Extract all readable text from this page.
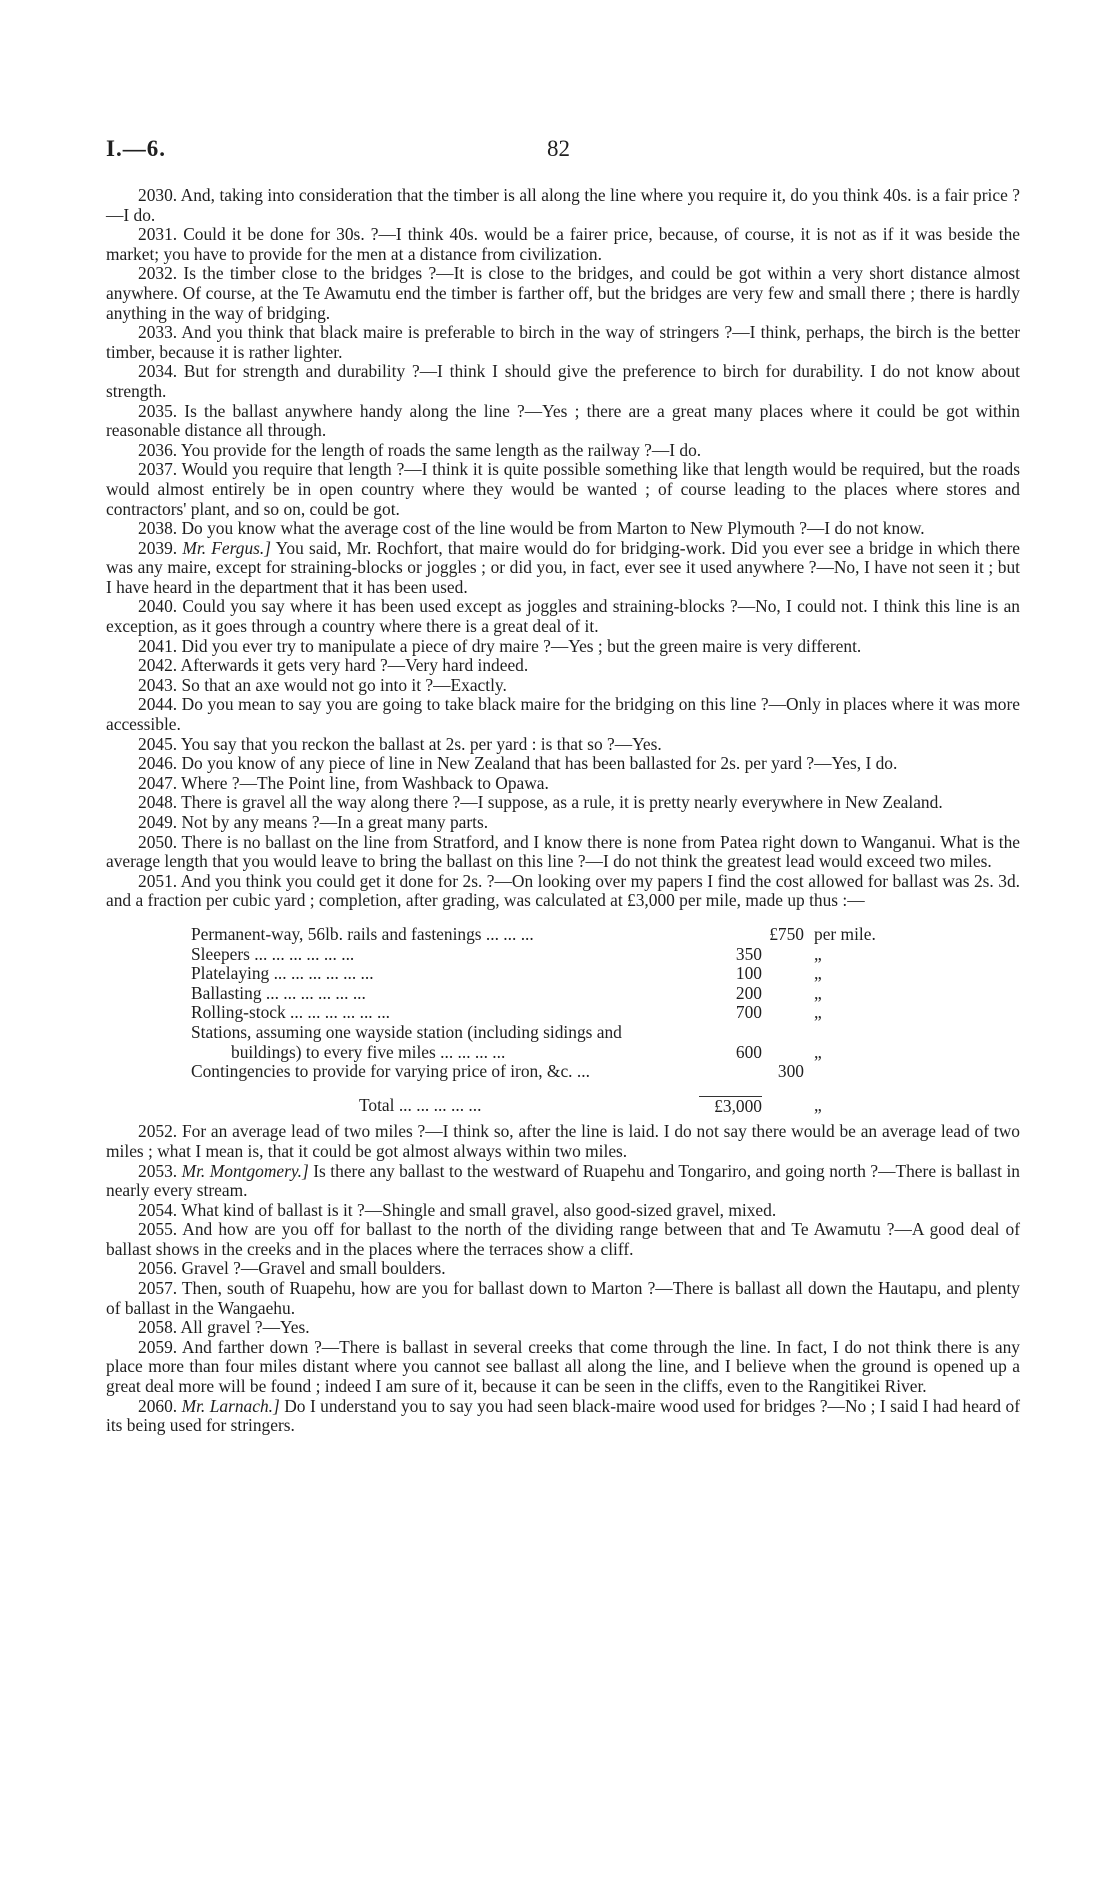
I.—6.	82

2030. And, taking into consideration that the timber is all along the line where you require it, do you think 40s. is a fair price ?—I do.

2031. Could it be done for 30s. ?—I think 40s. would be a fairer price, because, of course, it is not as if it was beside the market; you have to provide for the men at a distance from civilization.

2032. Is the timber close to the bridges ?—It is close to the bridges, and could be got within a very short distance almost anywhere. Of course, at the Te Awamutu end the timber is farther off, but the bridges are very few and small there ; there is hardly anything in the way of bridging.

2033. And you think that black maire is preferable to birch in the way of stringers ?—I think, perhaps, the birch is the better timber, because it is rather lighter.

2034. But for strength and durability ?—I think I should give the preference to birch for durability. I do not know about strength.

2035. Is the ballast anywhere handy along the line ?—Yes ; there are a great many places where it could be got within reasonable distance all through.

2036. You provide for the length of roads the same length as the railway ?—I do.

2037. Would you require that length ?—I think it is quite possible something like that length would be required, but the roads would almost entirely be in open country where they would be wanted ; of course leading to the places where stores and contractors' plant, and so on, could be got.

2038. Do you know what the average cost of the line would be from Marton to New Plymouth ?—I do not know.

2039. Mr. Fergus.] You said, Mr. Rochfort, that maire would do for bridging-work. Did you ever see a bridge in which there was any maire, except for straining-blocks or joggles ; or did you, in fact, ever see it used anywhere ?—No, I have not seen it ; but I have heard in the department that it has been used.

2040. Could you say where it has been used except as joggles and straining-blocks ?—No, I could not. I think this line is an exception, as it goes through a country where there is a great deal of it.

2041. Did you ever try to manipulate a piece of dry maire ?—Yes ; but the green maire is very different.

2042. Afterwards it gets very hard ?—Very hard indeed.

2043. So that an axe would not go into it ?—Exactly.

2044. Do you mean to say you are going to take black maire for the bridging on this line ?—Only in places where it was more accessible.

2045. You say that you reckon the ballast at 2s. per yard : is that so ?—Yes.

2046. Do you know of any piece of line in New Zealand that has been ballasted for 2s. per yard ?—Yes, I do.

2047. Where ?—The Point line, from Washback to Opawa.

2048. There is gravel all the way along there ?—I suppose, as a rule, it is pretty nearly everywhere in New Zealand.

2049. Not by any means ?—In a great many parts.

2050. There is no ballast on the line from Stratford, and I know there is none from Patea right down to Wanganui. What is the average length that you would leave to bring the ballast on this line ?—I do not think the greatest lead would exceed two miles.

2051. And you think you could get it done for 2s. ?—On looking over my papers I find the cost allowed for ballast was 2s. 3d. and a fraction per cubic yard ; completion, after grading, was calculated at £3,000 per mile, made up thus :—

Permanent-way, 56lb. rails and fastenings ... ... ...	£750 per mile.
Sleepers ... ... ... ... ... ...	350	„
Platelaying ... ... ... ... ... ...	100	„
Ballasting ... ... ... ... ... ...	200	„
Rolling-stock ... ... ... ... ... ...	700	„
Stations, assuming one wayside station (including sidings and
buildings) to every five miles ... ... ... ...	600	„
Contingencies to provide for varying price of iron, &c. ...	300
Total ... ... ... ... ...	£3,000	„

2052. For an average lead of two miles ?—I think so, after the line is laid. I do not say there would be an average lead of two miles ; what I mean is, that it could be got almost always within two miles.

2053. Mr. Montgomery.] Is there any ballast to the westward of Ruapehu and Tongariro, and going north ?—There is ballast in nearly every stream.

2054. What kind of ballast is it ?—Shingle and small gravel, also good-sized gravel, mixed.

2055. And how are you off for ballast to the north of the dividing range between that and Te Awamutu ?—A good deal of ballast shows in the creeks and in the places where the terraces show a cliff.

2056. Gravel ?—Gravel and small boulders.

2057. Then, south of Ruapehu, how are you for ballast down to Marton ?—There is ballast all down the Hautapu, and plenty of ballast in the Wangaehu.

2058. All gravel ?—Yes.

2059. And farther down ?—There is ballast in several creeks that come through the line. In fact, I do not think there is any place more than four miles distant where you cannot see ballast all along the line, and I believe when the ground is opened up a great deal more will be found ; indeed I am sure of it, because it can be seen in the cliffs, even to the Rangitikei River.

2060. Mr. Larnach.] Do I understand you to say you had seen black-maire wood used for bridges ?—No ; I said I had heard of its being used for stringers.
